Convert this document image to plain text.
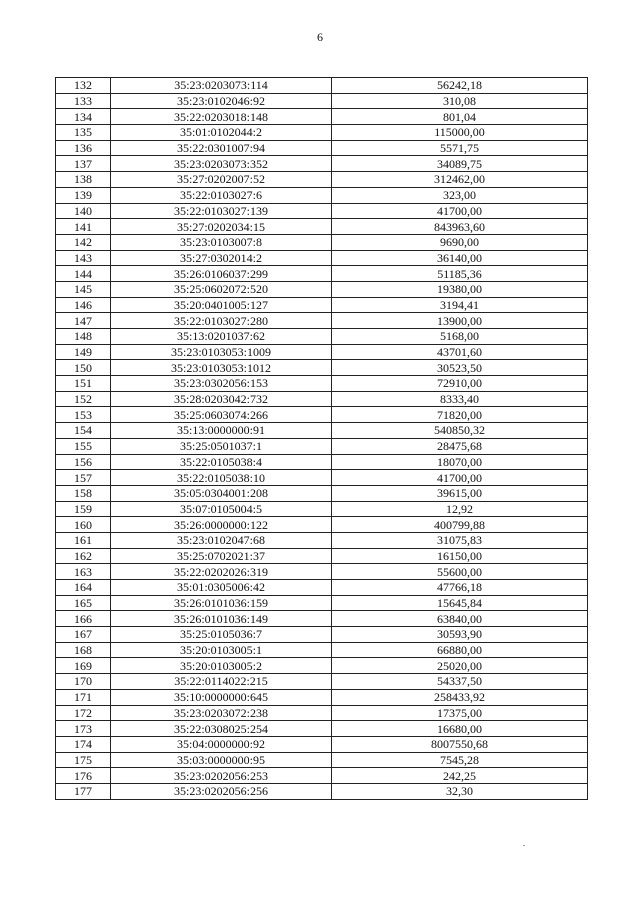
6
132	35:23:0203073:114	56242,18
133	35:23:0102046:92	310,08
134	35:22:0203018:148	801,04
135	35:01:0102044:2	115000,00
136	35:22:0301007:94	5571,75
137	35:23:0203073:352	34089,75
138	35:27:0202007:52	312462,00
139	35:22:0103027:6	323,00
140	35:22:0103027:139	41700,00
141	35:27:0202034:15	843963,60
142	35:23:0103007:8	9690,00
143	35:27:0302014:2	36140,00
144	35:26:0106037:299	51185,36
145	35:25:0602072:520	19380,00
146	35:20:0401005:127	3194,41
147	35:22:0103027:280	13900,00
148	35:13:0201037:62	5168,00
149	35:23:0103053:1009	43701,60
150	35:23:0103053:1012	30523,50
151	35:23:0302056:153	72910,00
152	35:28:0203042:732	8333,40
153	35:25:0603074:266	71820,00
154	35:13:0000000:91	540850,32
155	35:25:0501037:1	28475,68
156	35:22:0105038:4	18070,00
157	35:22:0105038:10	41700,00
158	35:05:0304001:208	39615,00
159	35:07:0105004:5	12,92
160	35:26:0000000:122	400799,88
161	35:23:0102047:68	31075,83
162	35:25:0702021:37	16150,00
163	35:22:0202026:319	55600,00
164	35:01:0305006:42	47766,18
165	35:26:0101036:159	15645,84
166	35:26:0101036:149	63840,00
167	35:25:0105036:7	30593,90
168	35:20:0103005:1	66880,00
169	35:20:0103005:2	25020,00
170	35:22:0114022:215	54337,50
171	35:10:0000000:645	258433,92
172	35:23:0203072:238	17375,00
173	35:22:0308025:254	16680,00
174	35:04:0000000:92	8007550,68
175	35:03:0000000:95	7545,28
176	35:23:0202056:253	242,25
177	35:23:0202056:256	32,30
